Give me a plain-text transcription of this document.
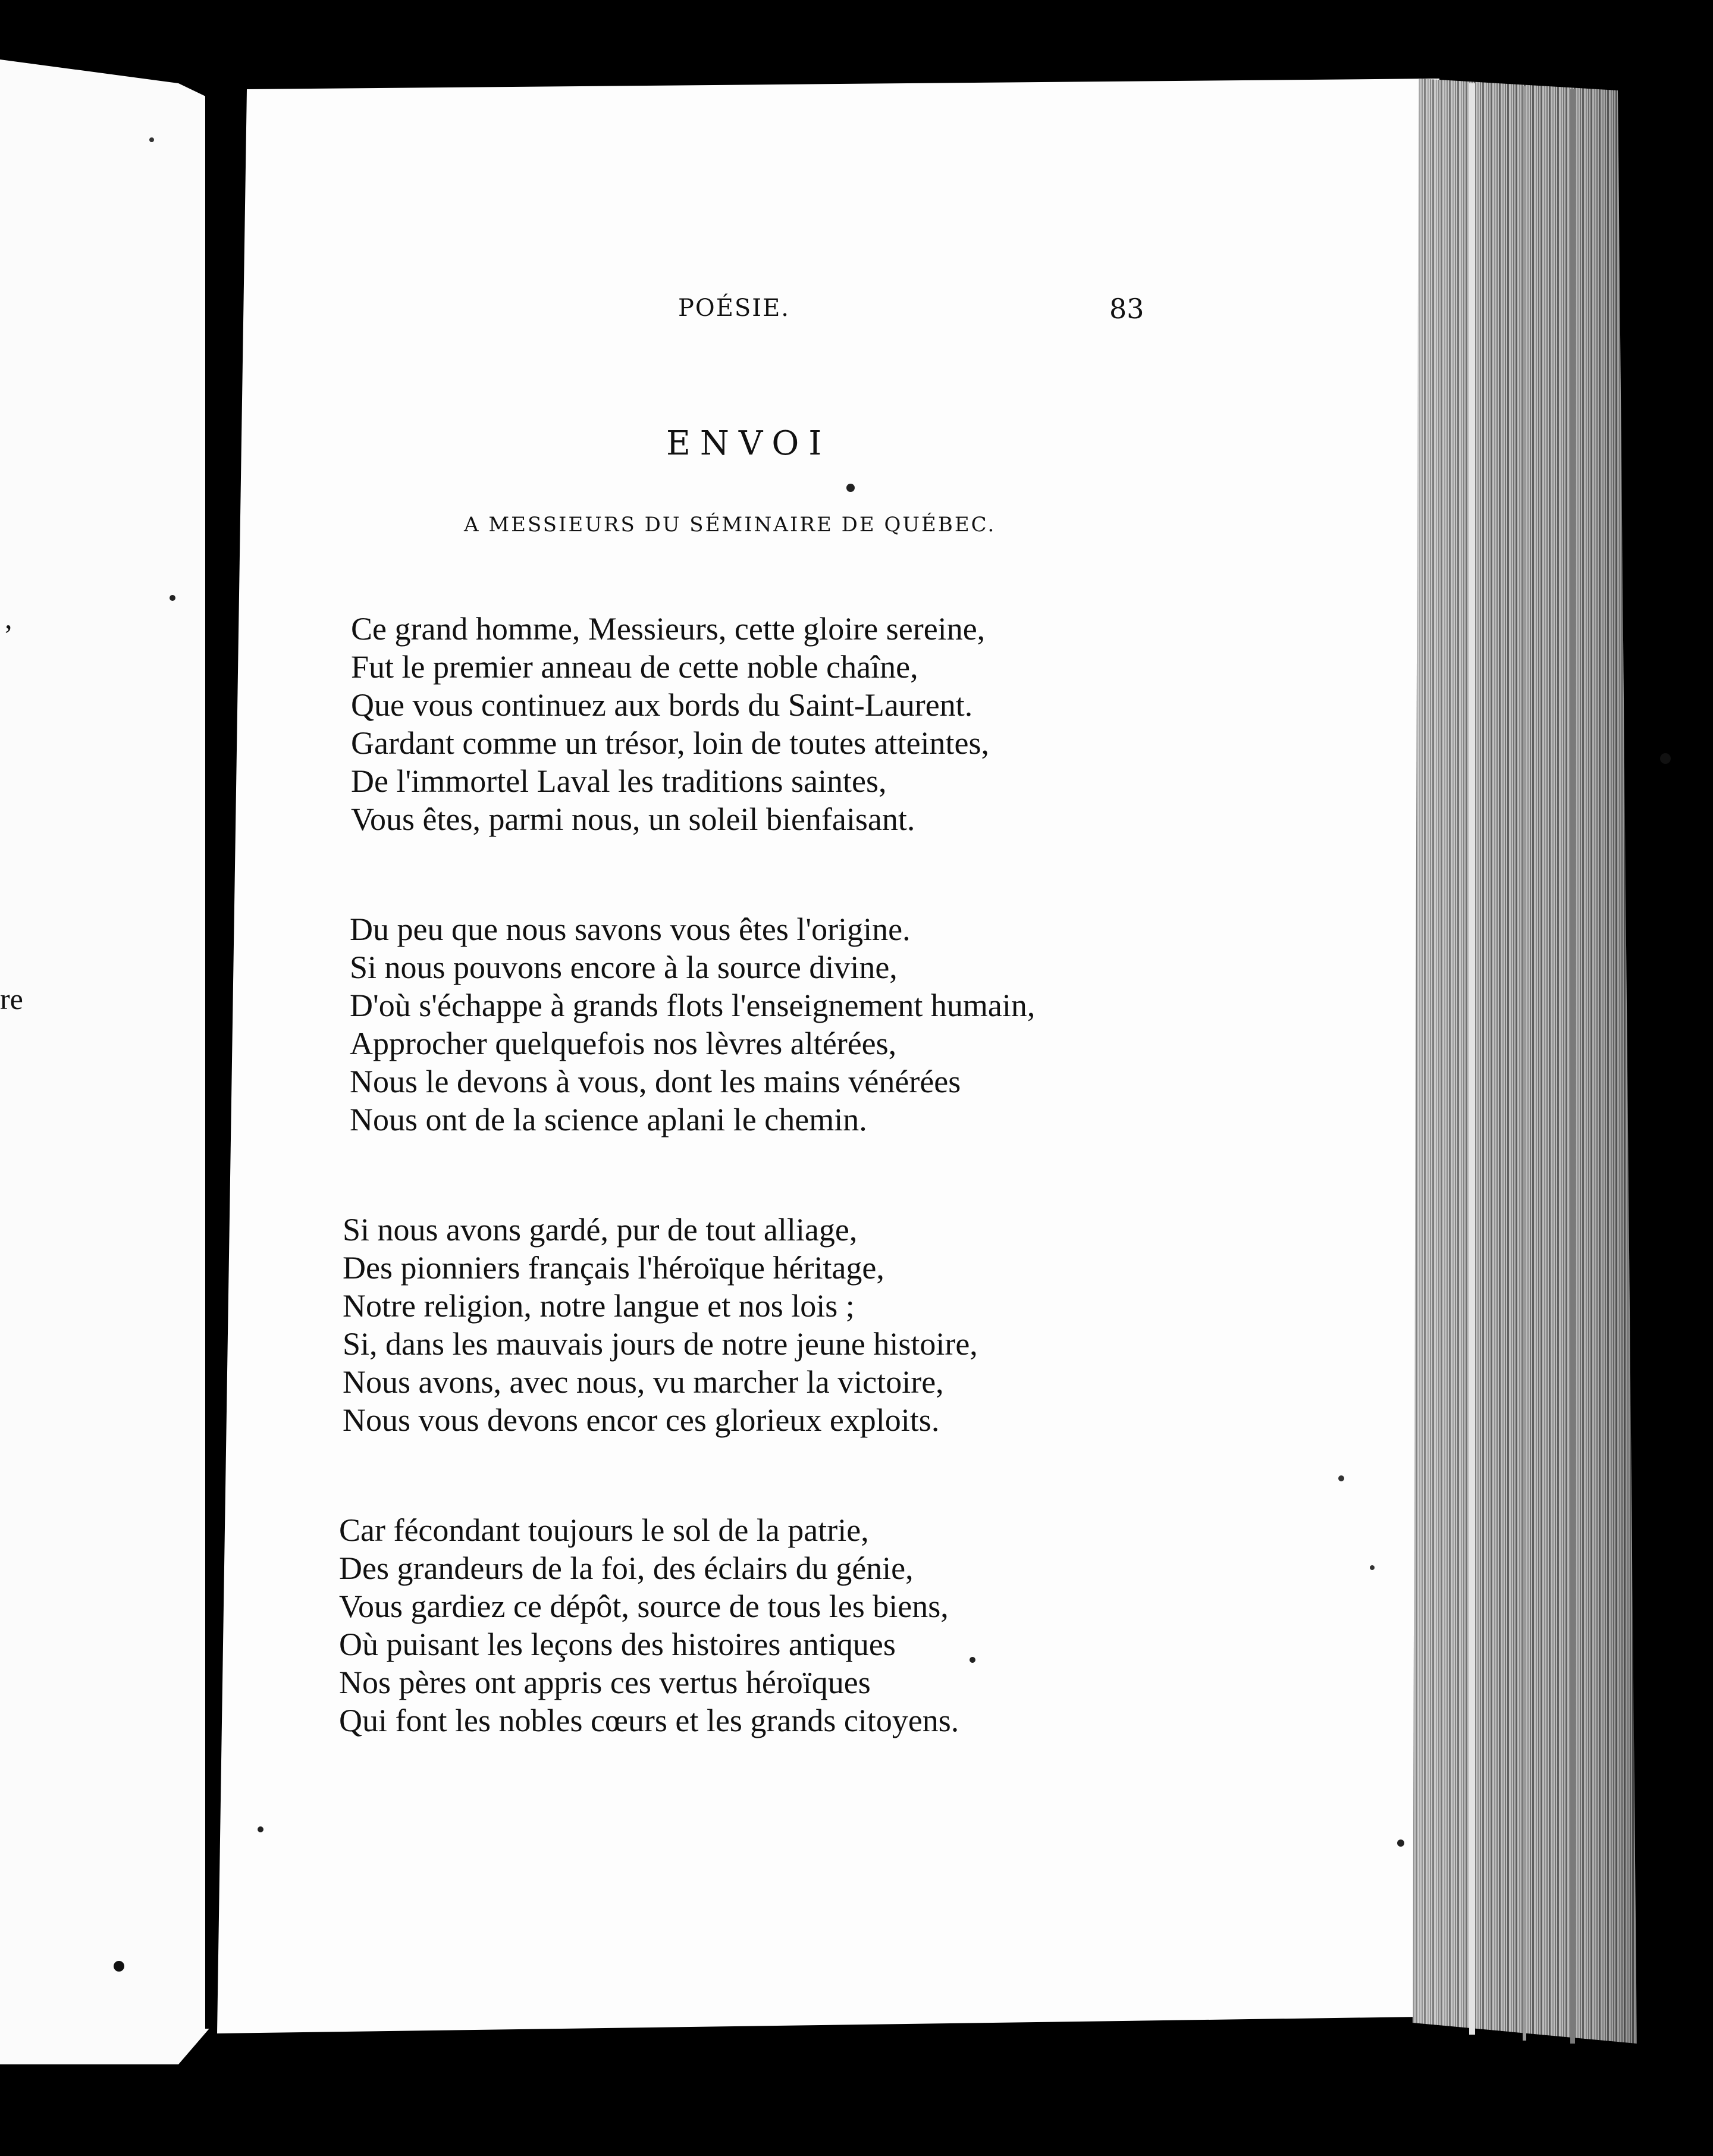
POÉSIE.	83
ENVOI
A MESSIEURS DU SÉMINAIRE DE QUÉBEC.
,
re
Ce grand homme, Messieurs, cette gloire sereine,
Fut le premier anneau de cette noble chaîne,
Que vous continuez aux bords du Saint-Laurent.
Gardant comme un trésor, loin de toutes atteintes,
De l'immortel Laval les traditions saintes,
Vous êtes, parmi nous, un soleil bienfaisant.
Du peu que nous savons vous êtes l'origine.
Si nous pouvons encore à la source divine,
D'où s'échappe à grands flots l'enseignement humain,
Approcher quelquefois nos lèvres altérées,
Nous le devons à vous, dont les mains vénérées
Nous ont de la science aplani le chemin.
Si nous avons gardé, pur de tout alliage,
Des pionniers français l'héroïque héritage,
Notre religion, notre langue et nos lois ;
Si, dans les mauvais jours de notre jeune histoire,
Nous avons, avec nous, vu marcher la victoire,
Nous vous devons encor ces glorieux exploits.
Car fécondant toujours le sol de la patrie,
Des grandeurs de la foi, des éclairs du génie,
Vous gardiez ce dépôt, source de tous les biens,
Où puisant les leçons des histoires antiques
Nos pères ont appris ces vertus héroïques
Qui font les nobles cœurs et les grands citoyens.
